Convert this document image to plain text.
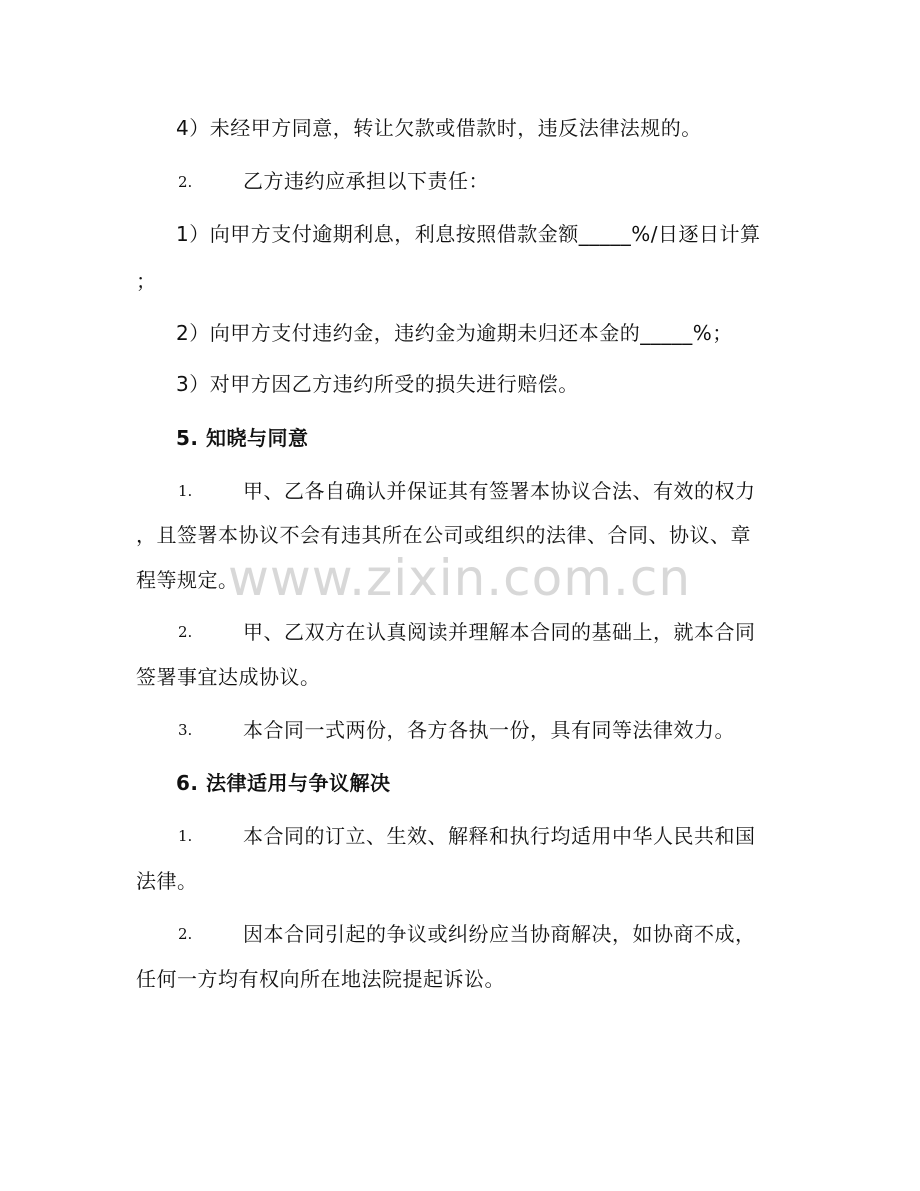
www.zixin.com.cn
4）未经甲方同意，转让欠款或借款时，违反法律法规的。
2.	乙方违约应承担以下责任：
1）向甲方支付逾期利息，利息按照借款金额_____%/日逐日计算
；
2）向甲方支付违约金，违约金为逾期未归还本金的_____%；
3）对甲方因乙方违约所受的损失进行赔偿。
5. 知晓与同意
1.	甲、乙各自确认并保证其有签署本协议合法、有效的权力
，且签署本协议不会有违其所在公司或组织的法律、合同、协议、章
程等规定。
2.	甲、乙双方在认真阅读并理解本合同的基础上，就本合同
签署事宜达成协议。
3.	本合同一式两份，各方各执一份，具有同等法律效力。
6. 法律适用与争议解决
1.	本合同的订立、生效、解释和执行均适用中华人民共和国
法律。
2.	因本合同引起的争议或纠纷应当协商解决，如协商不成，
任何一方均有权向所在地法院提起诉讼。
